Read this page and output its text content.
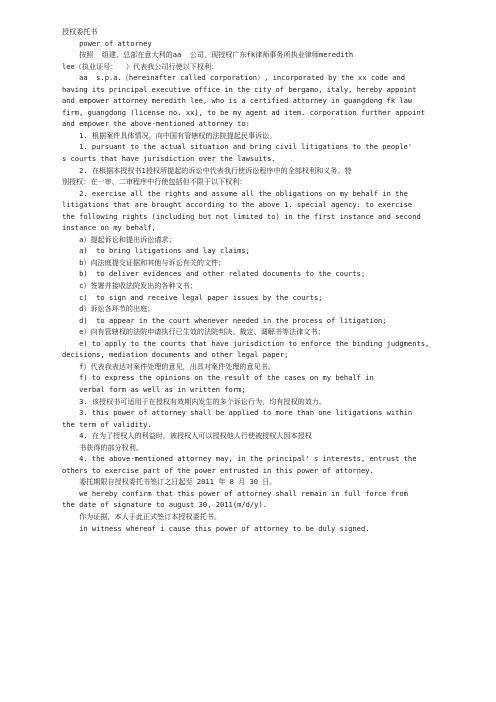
授权委托书
power of attorney
按照  组建、总部在意大利的aa  公司，现授权广东fk律师事务所执业律师meredith
lee（执业证号：  ）代表我公司行使以下权利：
aa  s.p.a.（hereinafter called corporation）, incorporated by the xx code and
having its principal executive office in the city of bergamo, italy, hereby appoint
and empower attorney meredith lee, who is a certified attorney in guangdong fk law
firm, guangdong (license no. xx), to be my agent ad item. corporation further appoint
and empower the above-mentioned attorney to:
1. 根据案件具体情况，向中国有管辖权的法院提起民事诉讼。
1. pursuant to the actual situation and bring civil litigations to the people'
s courts that have jurisdiction over the lawsuits.
2. 在根据本授权书1授权所提起的诉讼中代表我行使诉讼程序中的全部权利和义务。特
别授权：在一审、二审程序中行使包括但不限于以下权利：
2. exercise all the rights and assume all the obligations on my behalf in the
litigations that are brought according to the above 1. special agency: to exercise
the following rights (including but not limited to) in the first instance and second
instance on my behalf,
a）提起诉讼和提出诉讼请求；
a)  to bring litigations and lay claims;
b）向法庭提交证据和其他与诉讼有关的文件；
b)  to deliver evidences and other related documents to the courts;
c）签署并接收法院发出的各种文书；
c)  to sign and receive legal paper issues by the courts;
d）诉讼各环节的出庭；
d)  to appear in the court whenever needed in the process of litigation;
e）向有管辖权的法院申请执行已生效的法院判决、裁定、调解书等法律文书；
e) to apply to the courts that have jurisdiction to enforce the binding judgments,
decisions, mediation documents and other legal paper;
f）代表我表达对案件处理的意见，出具对案件处理的意见书。
f) to express the opinions on the result of the cases on my behalf in
verbal form as well as in written form;
3. 该授权书可适用于在授权有效期内发生的多个诉讼行为，均有授权的效力。
3. this power of attorney shall be applied to more than one litigations within
the term of validity.
4. 在为了授权人的利益时，被授权人可以授权他人行使被授权人因本授权
书获得的部分权利。
4. the above-mentioned attorney may, in the principal' s interests, entrust the
others to exercise part of the power entrusted in this power of attorney.
委托期限自授权委托书签订之日起至 2011 年 8 月 30 日。
we hereby confirm that this power of attorney shall remain in full force from
the date of signature to august 30, 2011(m/d/y).
作为证据，本人于此正式签订本授权委托书。
in witness whereof i cause this power of attorney to be duly signed.
